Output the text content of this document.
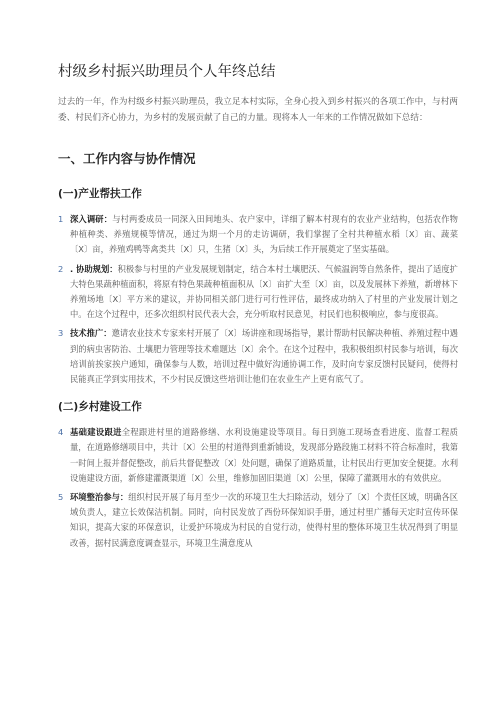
村级乡村振兴助理员个人年终总结

过去的一年，作为村级乡村振兴助理员，我立足本村实际，全身心投入到乡村振兴的各项工作中，与村两委、村民们齐心协力，为乡村的发展贡献了自己的力量。现将本人一年来的工作情况做如下总结：

一、工作内容与协作情况
(一)产业帮扶工作
1 深入调研：与村两委成员一同深入田间地头、农户家中，详细了解本村现有的农业产业结构，包括农作物种植种类、养殖规模等情况，通过为期一个月的走访调研，我们掌握了全村共种植水稻〔X〕亩、蔬菜〔X〕亩，养殖鸡鸭等禽类共〔X〕只，生猪〔X〕头，为后续工作开展奠定了坚实基础。
2 . 协助规划：积极参与村里的产业发展规划制定，结合本村土壤肥沃、气候温润等自然条件，提出了适度扩大特色果蔬种植面积，将原有特色果蔬种植面积从〔X〕亩扩大至〔X〕亩，以及发展林下养殖，新增林下养殖场地〔X〕平方米的建议，并协同相关部门进行可行性评估，最终成功纳入了村里的产业发展计划之中。在这个过程中，还多次组织村民代表大会，充分听取村民意见，村民们也积极响应，参与度很高。
3 技术推广：邀请农业技术专家来村开展了〔X〕场讲座和现场指导，累计帮助村民解决种植、养殖过程中遇到的病虫害防治、土壤肥力管理等技术难题达〔X〕余个。在这个过程中，我积极组织村民参与培训，每次培训前挨家挨户通知，确保参与人数，培训过程中做好沟通协调工作，及时向专家反馈村民疑问，使得村民能真正学到实用技术，不少村民反馈这些培训让他们在农业生产上更有底气了。
(二)乡村建设工作
4 基础建设跟进全程跟进村里的道路修缮、水利设施建设等项目。每日到施工现场查看进度、监督工程质量，在道路修缮项目中，共计〔X〕公里的村道得到重新铺设，发现部分路段施工材料不符合标准时，我第一时间上报并督促整改，前后共督促整改〔X〕处问题，确保了道路质量，让村民出行更加安全便捷。水利设施建设方面，新修建灌溉渠道〔X〕公里，维修加固旧渠道〔X〕公里，保障了灌溉用水的有效供应。
5 环境整治参与：组织村民开展了每月至少一次的环境卫生大扫除活动，划分了〔X〕个责任区域，明确各区域负责人，建立长效保洁机制。同时，向村民发放了西份环保知识手册，通过村里广播每天定时宣传环保知识，提高大家的环保意识，让爱护环境成为村民的自觉行动，使得村里的整体环境卫生状况得到了明显改善，据村民满意度调查显示，环境卫生满意度从
